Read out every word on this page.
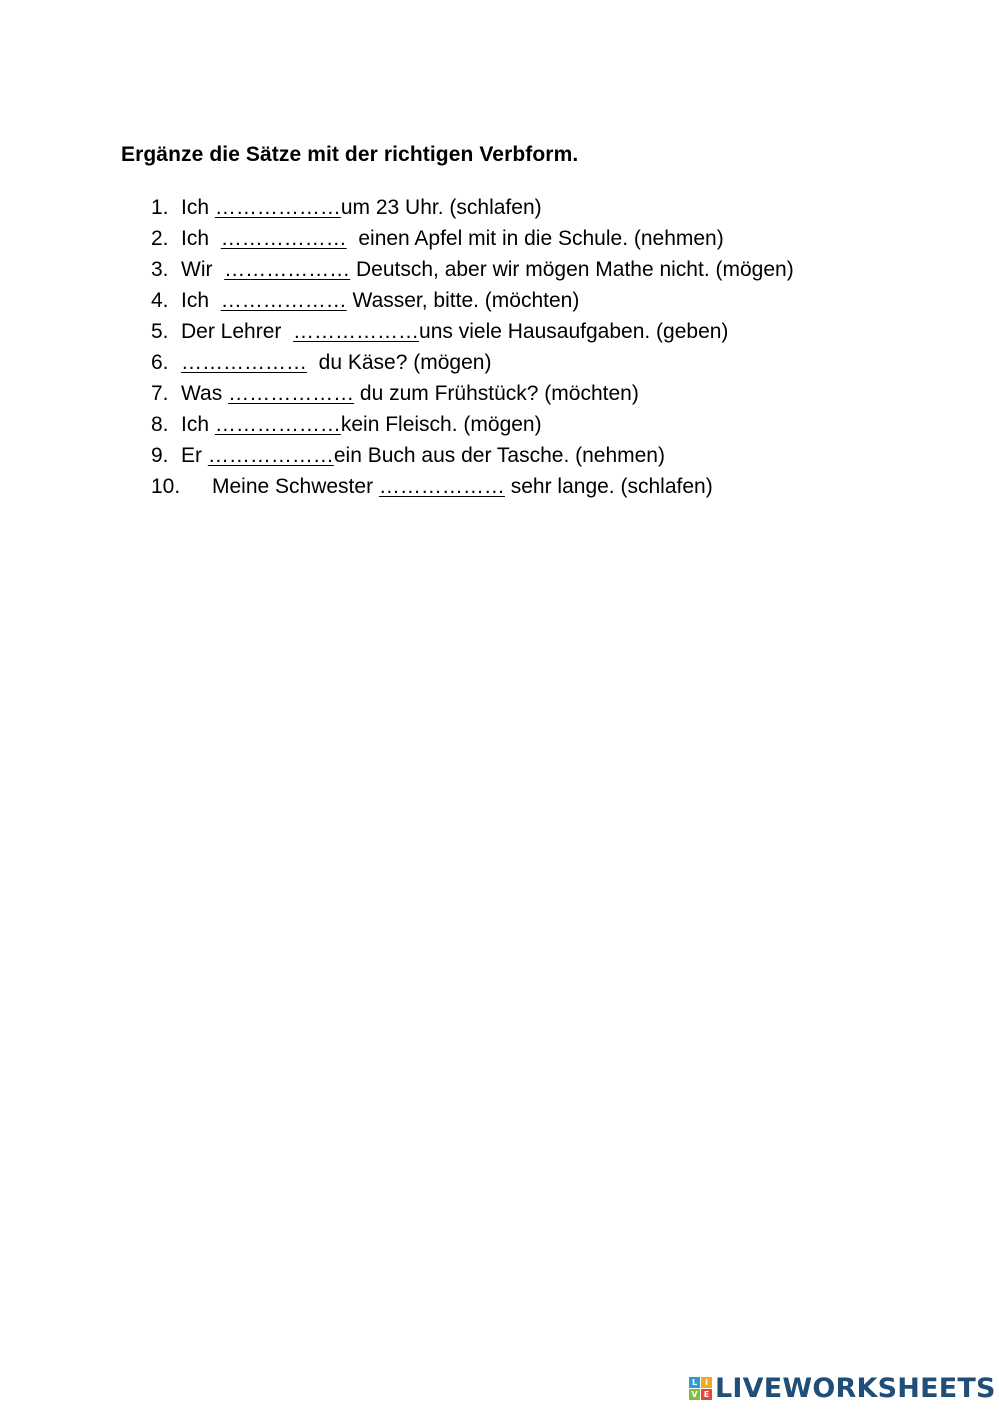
Ergänze die Sätze mit der richtigen Verbform.
1. Ich ……………… um 23 Uhr. (schlafen)
2. Ich ……………… einen Apfel mit in die Schule. (nehmen)
3. Wir ……………… Deutsch, aber wir mögen Mathe nicht. (mögen)
4. Ich ……………… Wasser, bitte. (möchten)
5. Der Lehrer ……………… uns viele Hausaufgaben. (geben)
6. ……………… du Käse? (mögen)
7. Was ……………… du zum Frühstück? (möchten)
8. Ich ……………… kein Fleisch. (mögen)
9. Er ……………… ein Buch aus der Tasche. (nehmen)
10.	Meine Schwester ……………… sehr lange. (schlafen)
L I
V E LIVEWORKSHEETS
